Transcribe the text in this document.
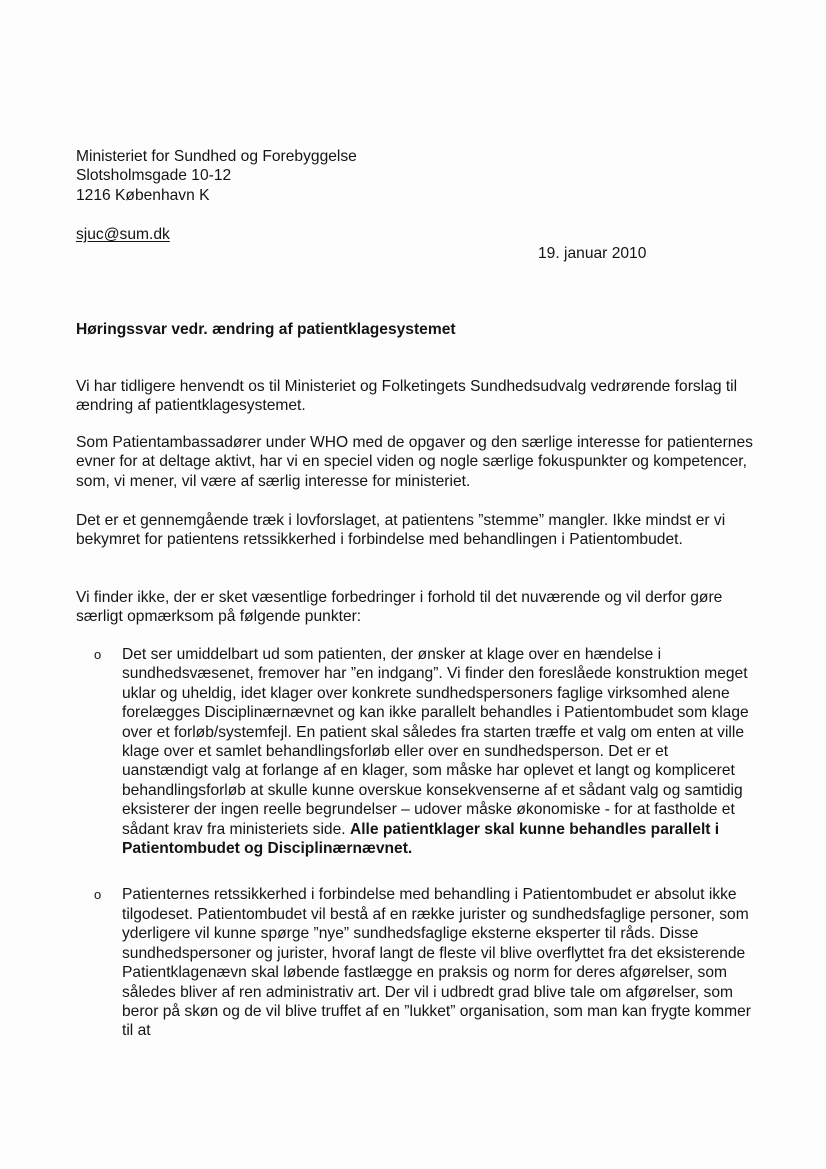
Ministeriet for Sundhed og Forebyggelse
Slotsholmsgade 10-12
1216 København K
sjuc@sum.dk
19. januar 2010
Høringssvar vedr. ændring af patientklagesystemet

Vi har tidligere henvendt os til Ministeriet og Folketingets Sundhedsudvalg vedrørende forslag til ændring af patientklagesystemet.

Som Patientambassadører under WHO med de opgaver og den særlige interesse for patienternes evner for at deltage aktivt, har vi en speciel viden og nogle særlige fokuspunkter og kompetencer, som, vi mener, vil være af særlig interesse for ministeriet.

Det er et gennemgående træk i lovforslaget, at patientens ”stemme” mangler. Ikke mindst er vi bekymret for patientens retssikkerhed i forbindelse med behandlingen i Patientombudet.

Vi finder ikke, der er sket væsentlige forbedringer i forhold til det nuværende og vil derfor gøre særligt opmærksom på følgende punkter:

o	Det ser umiddelbart ud som patienten, der ønsker at klage over en hændelse i sundhedsvæsenet, fremover har ”en indgang”. Vi finder den foreslåede konstruktion meget uklar og uheldig, idet klager over konkrete sundhedspersoners faglige virksomhed alene forelægges Disciplinærnævnet og kan ikke parallelt behandles i Patientombudet som klage over et forløb/systemfejl. En patient skal således fra starten træffe et valg om enten at ville klage over et samlet behandlingsforløb eller over en sundhedsperson. Det er et uanstændigt valg at forlange af en klager, som måske har oplevet et langt og kompliceret behandlingsforløb at skulle kunne overskue konsekvenserne af et sådant valg og samtidig eksisterer der ingen reelle begrundelser – udover måske økonomiske - for at fastholde et sådant krav fra ministeriets side. Alle patientklager skal kunne behandles parallelt i Patientombudet og Disciplinærnævnet.
o	Patienternes retssikkerhed i forbindelse med behandling i Patientombudet er absolut ikke tilgodeset. Patientombudet vil bestå af en række jurister og sundhedsfaglige personer, som yderligere vil kunne spørge ”nye” sundhedsfaglige eksterne eksperter til råds. Disse sundhedspersoner og jurister, hvoraf langt de fleste vil blive overflyttet fra det eksisterende Patientklagenævn skal løbende fastlægge en praksis og norm for deres afgørelser, som således bliver af ren administrativ art. Der vil i udbredt grad blive tale om afgørelser, som beror på skøn og de vil blive truffet af en ”lukket” organisation, som man kan frygte kommer til at
